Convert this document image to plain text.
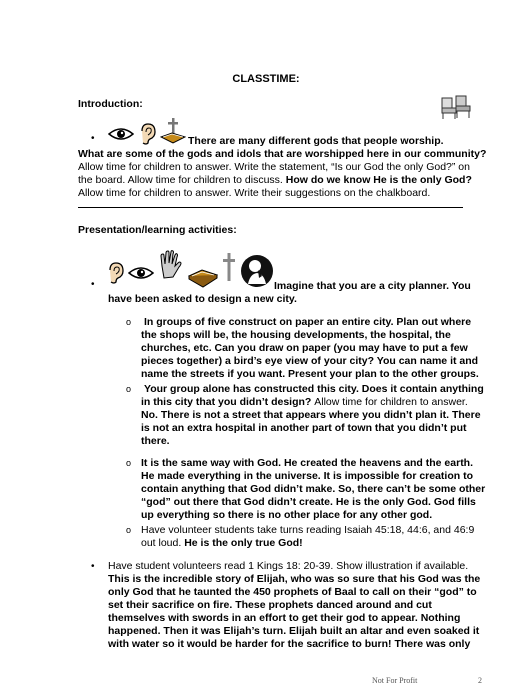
CLASSTIME:
Introduction:
•	There are many different gods that people worship.
What are some of the gods and idols that are worshipped here in our community?
Allow time for children to answer. Write the statement, “Is our God the only God?” on
the board. Allow time for children to discuss. How do we know He is the only God?
Allow time for children to answer. Write their suggestions on the chalkboard.
Presentation/learning activities:
•	Imagine that you are a city planner. You
have been asked to design a new city.
o In groups of five construct on paper an entire city. Plan out where
the shops will be, the housing developments, the hospital, the
churches, etc. Can you draw on paper (you may have to put a few
pieces together) a bird’s eye view of your city? You can name it and
name the streets if you want. Present your plan to the other groups.
o Your group alone has constructed this city. Does it contain anything
in this city that you didn’t design? Allow time for children to answer.
No. There is not a street that appears where you didn’t plan it. There
is not an extra hospital in another part of town that you didn’t put
there.
o It is the same way with God. He created the heavens and the earth.
He made everything in the universe. It is impossible for creation to
contain anything that God didn’t make. So, there can’t be some other
“god” out there that God didn’t create. He is the only God. God fills
up everything so there is no other place for any other god.
o Have volunteer students take turns reading Isaiah 45:18, 44:6, and 46:9
out loud. He is the only true God!
• Have student volunteers read 1 Kings 18: 20-39. Show illustration if available.
This is the incredible story of Elijah, who was so sure that his God was the
only God that he taunted the 450 prophets of Baal to call on their “god” to
set their sacrifice on fire. These prophets danced around and cut
themselves with swords in an effort to get their god to appear. Nothing
happened. Then it was Elijah’s turn. Elijah built an altar and even soaked it
with water so it would be harder for the sacrifice to burn! There was only
Not For Profit	2
